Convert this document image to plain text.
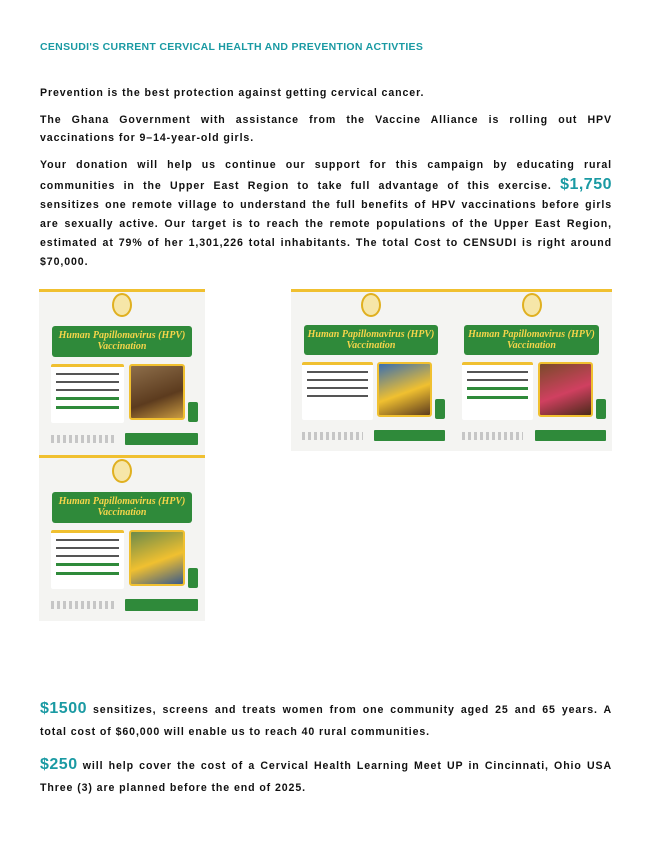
CENSUDI'S CURRENT CERVICAL HEALTH AND PREVENTION ACTIVTIES
Prevention is the best protection against getting cervical cancer.
The Ghana Government with assistance from the Vaccine Alliance is rolling out HPV vaccinations for 9–14-year-old girls.
Your donation will help us continue our support for this campaign by educating rural communities in the Upper East Region to take full advantage of this exercise. $1,750 sensitizes one remote village to understand the full benefits of HPV vaccinations before girls are sexually active. Our target is to reach the remote populations of the Upper East Region, estimated at 79% of her 1,301,226 total inhabitants. The total Cost to CENSUDI is right around $70,000.
Human Papillomavirus (HPV) Vaccination
Human Papillomavirus (HPV) Vaccination
Human Papillomavirus (HPV) Vaccination
Human Papillomavirus (HPV) Vaccination
$1500 sensitizes, screens and treats women from one community aged 25 and 65 years. A total cost of $60,000 will enable us to reach 40 rural communities.
$250 will help cover the cost of a Cervical Health Learning Meet UP in Cincinnati, Ohio USA Three (3) are planned before the end of 2025.
